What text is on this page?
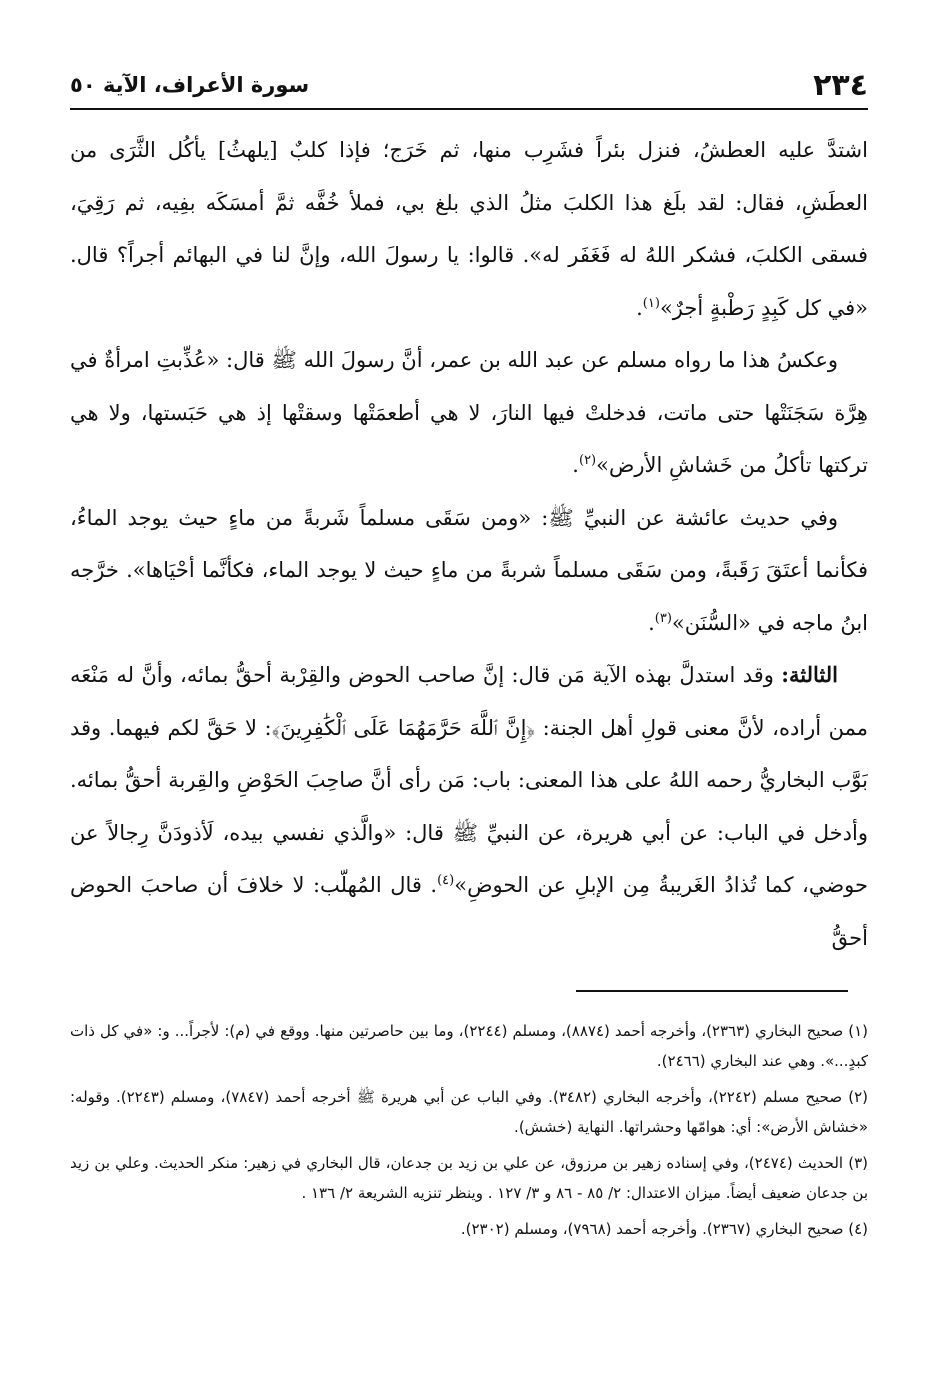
٢٣٤
سورة الأعراف، الآية ٥٠

اشتدَّ عليه العطشُ، فنزل بئراً فشَرِب منها، ثم خَرَج؛ فإذا كلبٌ [يلهثُ] يأكُل الثَّرَى من العطَشِ، فقال: لقد بلَغ هذا الكلبَ مثلُ الذي بلغ بي، فملأ خُفَّه ثمَّ أمسَكَه بفِيه، ثم رَقِيَ، فسقى الكلبَ، فشكر اللهُ له فَغَفَر له». قالوا: يا رسولَ الله، وإنَّ لنا في البهائم أجراً؟ قال. «في كل كَبِدٍ رَطْبةٍ أجرٌ»$^{(١)}$.

وعكسُ هذا ما رواه مسلم عن عبد الله بن عمر، أنَّ رسولَ الله ﷺ قال: «عُذِّبتِ امرأةٌ في هِرَّة سَجَنَتْها حتى ماتت، فدخلتْ فيها النارَ، لا هي أطعمَتْها وسقتْها إذ هي حَبَستها، ولا هي تركتها تأكلُ من خَشاشِ الأرض»$^{(٢)}$.

وفي حديث عائشة عن النبيِّ ﷺ: «ومن سَقَى مسلماً شَربةً من ماءٍ حيث يوجد الماءُ، فكأنما أعتَقَ رَقَبةً، ومن سَقَى مسلماً شربةً من ماءٍ حيث لا يوجد الماء، فكأنَّما أحْيَاها». خرَّجه ابنُ ماجه في «السُّنَن»$^{(٣)}$.

الثالثة: وقد استدلَّ بهذه الآية مَن قال: إنَّ صاحب الحوض والقِرْبة أحقُّ بمائه، وأنَّ له مَنْعَه ممن أراده، لأنَّ معنى قولِ أهل الجنة: ﴿إِنَّ ٱللَّهَ حَرَّمَهُمَا عَلَى ٱلْكَٰفِرِينَ﴾: لا حَقَّ لكم فيهما. وقد بَوَّب البخاريُّ رحمه اللهُ على هذا المعنى: باب: مَن رأى أنَّ صاحِبَ الحَوْضِ والقِربة أحقُّ بمائه. وأدخل في الباب: عن أبي هريرة، عن النبيِّ ﷺ قال: «والَّذي نفسي بيده، لَأذودَنَّ رِجالاً عن حوضي، كما تُذادُ الغَريبةُ مِن الإبلِ عن الحوضِ»$^{(٤)}$. قال المُهلّب: لا خلافَ أن صاحبَ الحوض أحقُّ

(١) صحيح البخاري (٢٣٦٣)، وأخرجه أحمد (٨٨٧٤)، ومسلم (٢٢٤٤)، وما بين حاصرتين منها. ووقع في (م): لأجراً... و: «في كل ذات كبدٍ...». وهي عند البخاري (٢٤٦٦).

(٢) صحيح مسلم (٢٢٤٢)، وأخرجه البخاري (٣٤٨٢). وفي الباب عن أبي هريرة ﷺ أخرجه أحمد (٧٨٤٧)، ومسلم (٢٢٤٣). وقوله: «خشاش الأرض»: أي: هوامّها وحشراتها. النهاية (خشش).

(٣) الحديث (٢٤٧٤)، وفي إسناده زهير بن مرزوق، عن علي بن زيد بن جدعان، قال البخاري في زهير: منكر الحديث. وعلي بن زيد بن جدعان ضعيف أيضاً. ميزان الاعتدال: ٢/ ٨٥ - ٨٦ و ٣/ ١٢٧ . وينظر تنزيه الشريعة ٢/ ١٣٦ .

(٤) صحيح البخاري (٢٣٦٧). وأخرجه أحمد (٧٩٦٨)، ومسلم (٢٣٠٢).
